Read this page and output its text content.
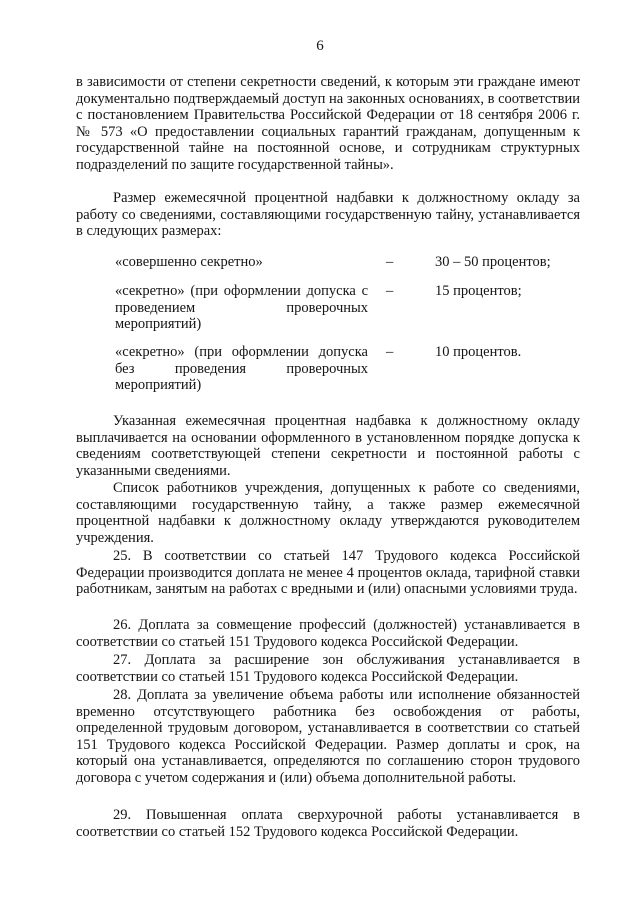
6

в зависимости от степени секретности сведений, к которым эти граждане имеют документально подтверждаемый доступ на законных основаниях, в соответствии с постановлением Правительства Российской Федерации от 18 сентября 2006 г. № 573 «О предоставлении социальных гарантий гражданам, допущенным к государственной тайне на постоянной основе, и сотрудникам структурных подразделений по защите государственной тайны».

Размер ежемесячной процентной надбавки к должностному окладу за работу со сведениями, составляющими государственную тайну, устанавливается в следующих размерах:

«совершенно секретно»	–	30 – 50 процентов;
«секретно» (при оформлении допуска с проведением проверочных мероприятий)
–	15 процентов;
«секретно» (при оформлении допуска без проведения проверочных мероприятий)
–	10 процентов.

Указанная ежемесячная процентная надбавка к должностному окладу выплачивается на основании оформленного в установленном порядке допуска к сведениям соответствующей степени секретности и постоянной работы с указанными сведениями.

Список работников учреждения, допущенных к работе со сведениями, составляющими государственную тайну, а также размер ежемесячной процентной надбавки к должностному окладу утверждаются руководителем учреждения.

25. В соответствии со статьей 147 Трудового кодекса Российской Федерации производится доплата не менее 4 процентов оклада, тарифной ставки работникам, занятым на работах с вредными и (или) опасными условиями труда.

26. Доплата за совмещение профессий (должностей) устанавливается в соответствии со статьей 151 Трудового кодекса Российской Федерации.

27. Доплата за расширение зон обслуживания устанавливается в соответствии со статьей 151 Трудового кодекса Российской Федерации.

28. Доплата за увеличение объема работы или исполнение обязанностей временно отсутствующего работника без освобождения от работы, определенной трудовым договором, устанавливается в соответствии со статьей 151 Трудового кодекса Российской Федерации. Размер доплаты и срок, на который она устанавливается, определяются по соглашению сторон трудового договора с учетом содержания и (или) объема дополнительной работы.

29. Повышенная оплата сверхурочной работы устанавливается в соответствии со статьей 152 Трудового кодекса Российской Федерации.
